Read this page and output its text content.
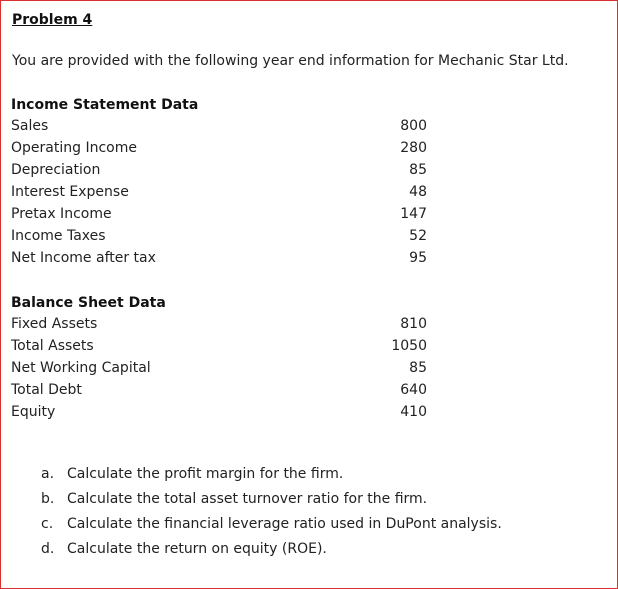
Problem 4
You are provided with the following year end information for Mechanic Star Ltd.
Income Statement Data
Sales	800
Operating Income	280
Depreciation	85
Interest Expense	48
Pretax Income	147
Income Taxes	52
Net Income after tax	95
Balance Sheet Data
Fixed Assets	810
Total Assets	1050
Net Working Capital	85
Total Debt	640
Equity	410
a. Calculate the profit margin for the firm.
b. Calculate the total asset turnover ratio for the firm.
c. Calculate the financial leverage ratio used in DuPont analysis.
d. Calculate the return on equity (ROE).
